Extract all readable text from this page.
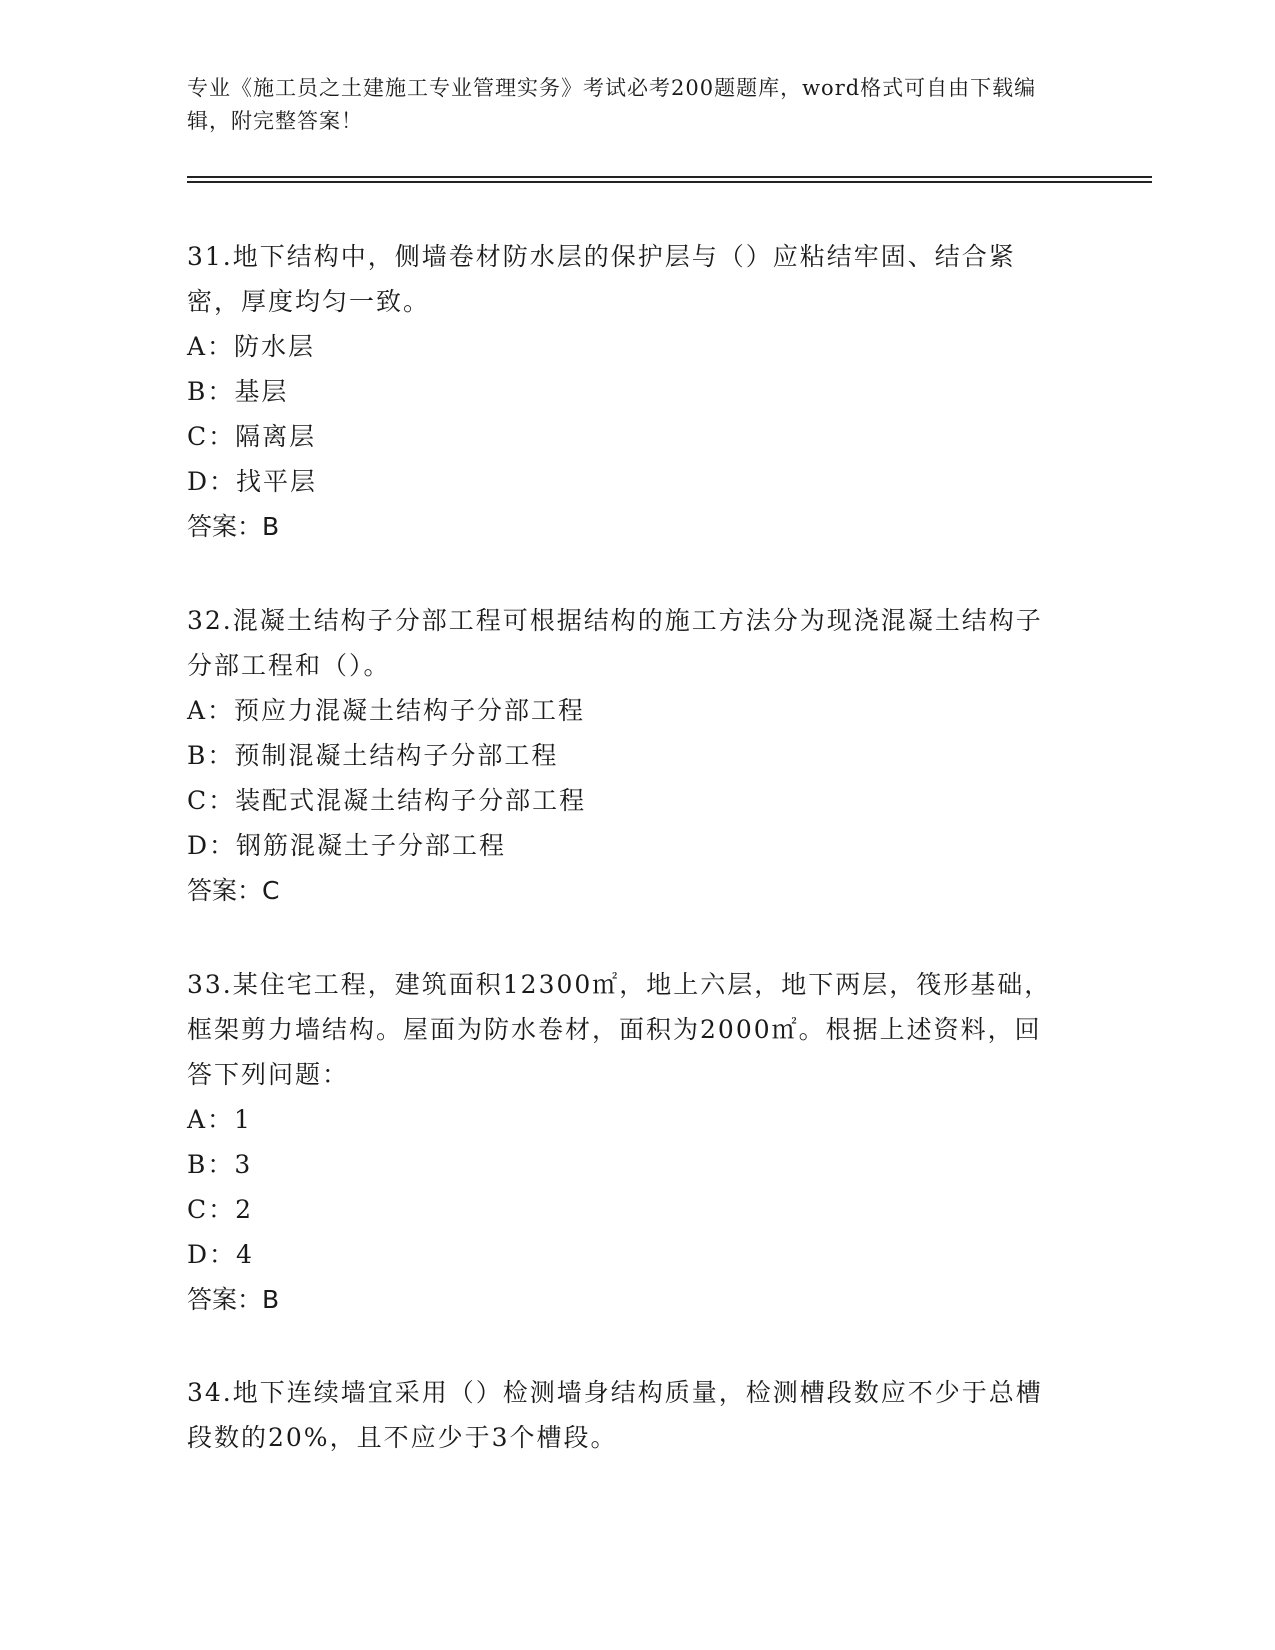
专业《施工员之土建施工专业管理实务》考试必考200题题库，word格式可自由下载编辑，附完整答案！

31.地下结构中，侧墙卷材防水层的保护层与（）应粘结牢固、结合紧密，厚度均匀一致。

A：防水层

B：基层

C：隔离层

D：找平层

答案：B

32.混凝土结构子分部工程可根据结构的施工方法分为现浇混凝土结构子分部工程和（）。

A：预应力混凝土结构子分部工程

B：预制混凝土结构子分部工程

C：装配式混凝土结构子分部工程

D：钢筋混凝土子分部工程

答案：C

33.某住宅工程，建筑面积12300㎡，地上六层，地下两层，筏形基础，框架剪力墙结构。屋面为防水卷材，面积为2000㎡。根据上述资料，回答下列问题：

A：1

B：3

C：2

D：4

答案：B

34.地下连续墙宜采用（）检测墙身结构质量，检测槽段数应不少于总槽段数的20%，且不应少于3个槽段。
